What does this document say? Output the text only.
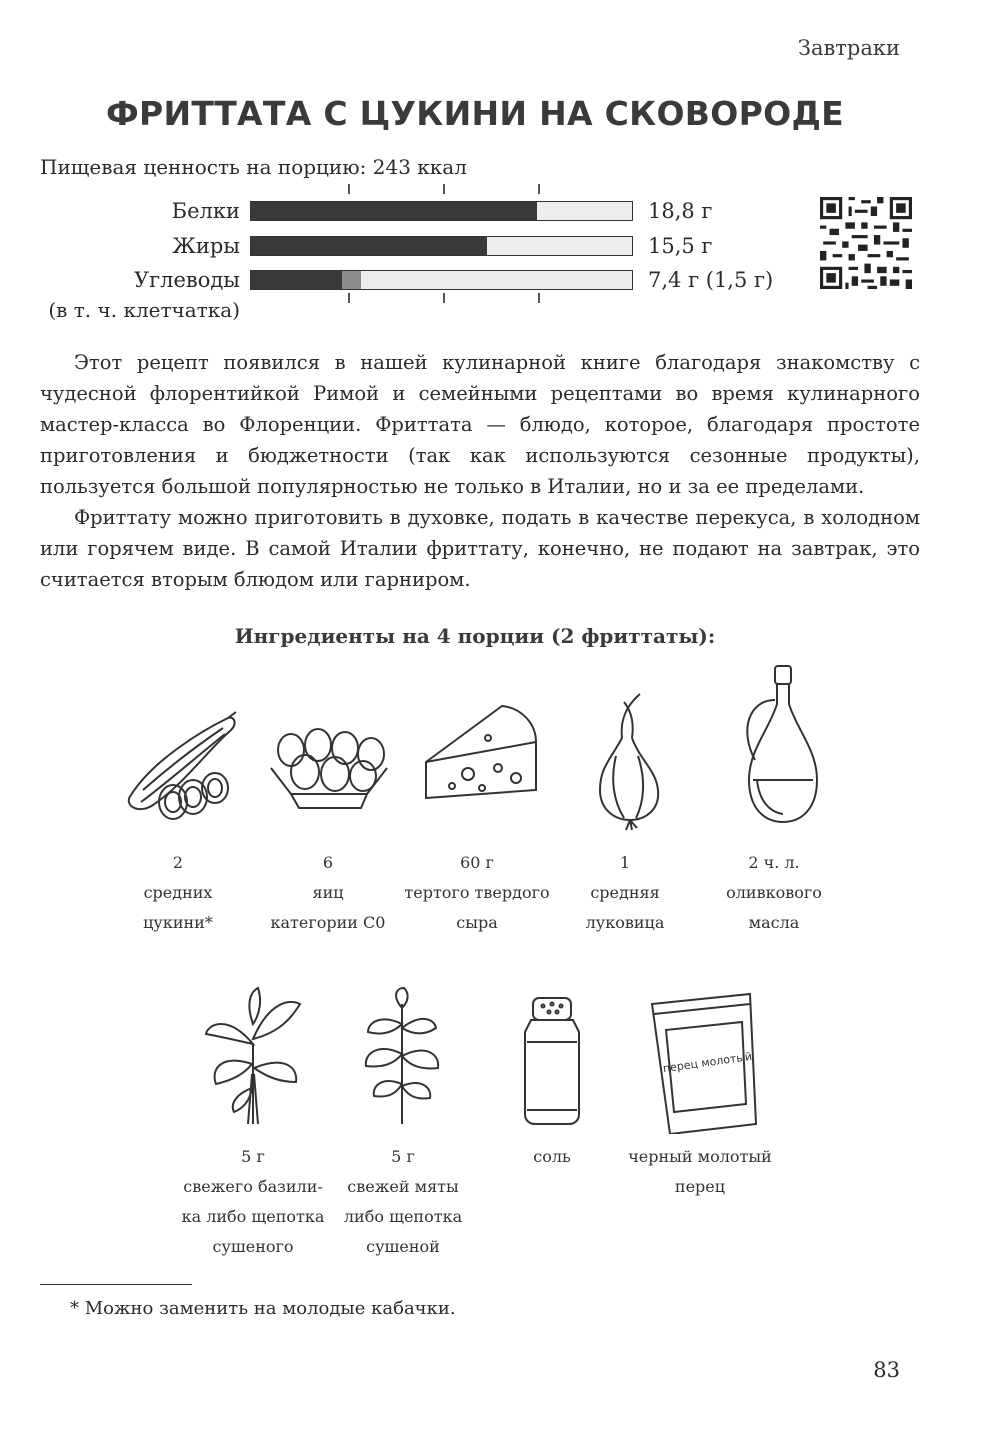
Завтраки
ФРИТТАТА С ЦУКИНИ НА СКОВОРОДЕ
Пищевая ценность на порцию: 243 ккал
Белки	18,8 г
Жиры	15,5 г
Углеводы	7,4 г (1,5 г)
(в т. ч. клетчатка)

Этот рецепт появился в нашей кулинарной книге благодаря знакомству с чудесной флорентийкой Римой и семейными рецептами во время кулинарного мастер-класса во Флоренции. Фриттата — блюдо, которое, благодаря простоте приготовления и бюджетности (так как используются сезонные продукты), пользуется большой популярностью не только в Италии, но и за ее пределами.

Фриттату можно приготовить в духовке, подать в качестве перекуса, в холодном или горячем виде. В самой Италии фриттату, конечно, не подают на завтрак, это считается вторым блюдом или гарниром.

Ингредиенты на 4 порции (2 фриттаты):
2
средних
цукини*
6
яиц
категории С0
60 г
тертого твердого
сыра
1
средняя
луковица
2 ч. л.
оливкового
масла
5 г
свежего базили-
ка либо щепотка
сушеного
5 г
свежей мяты
либо щепотка
сушеной
соль
перец молотый
черный молотый
перец
* Можно заменить на молодые кабачки.
83
